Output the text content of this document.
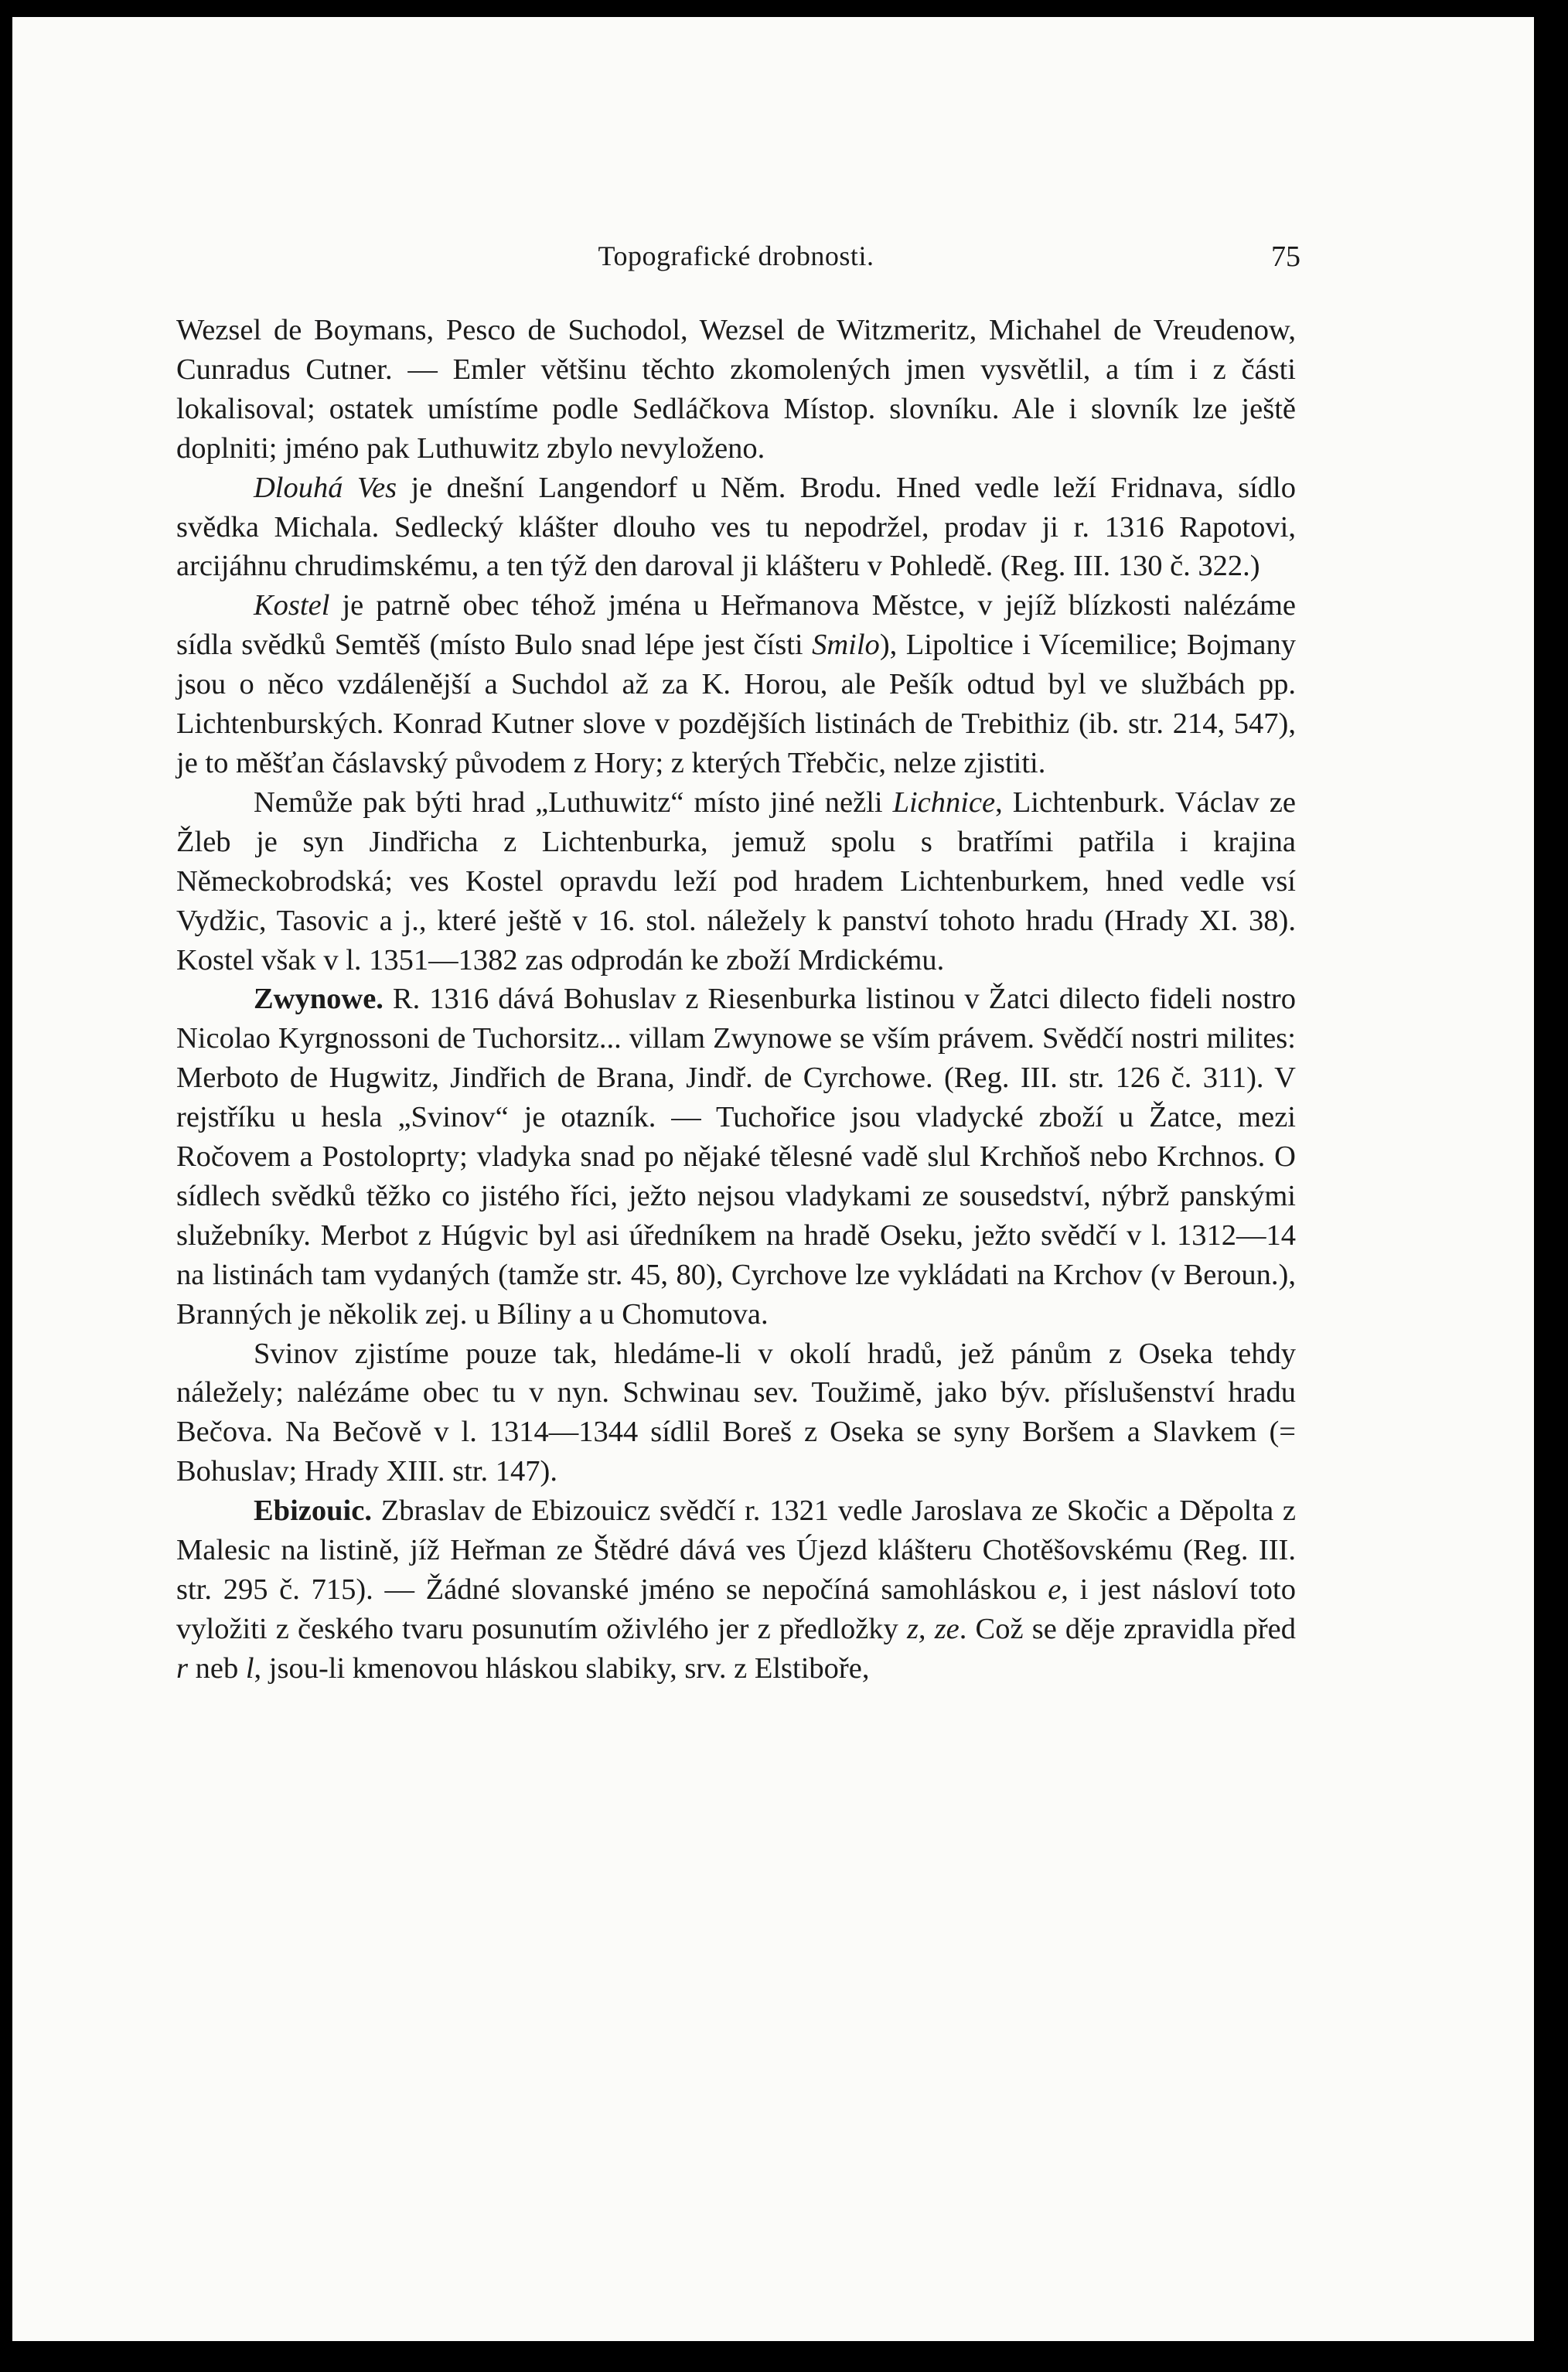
Topografické drobnosti.	75

Wezsel de Boymans, Pesco de Suchodol, Wezsel de Witzmeritz, Michahel de Vreudenow, Cunradus Cutner. — Emler většinu těchto zkomolených jmen vysvětlil, a tím i z části lokalisoval; ostatek umístíme podle Sedláčkova Místop. slovníku. Ale i slovník lze ještě doplniti; jméno pak Luthuwitz zbylo nevyloženo.

Dlouhá Ves je dnešní Langendorf u Něm. Brodu. Hned vedle leží Fridnava, sídlo svědka Michala. Sedlecký klášter dlouho ves tu nepodržel, prodav ji r. 1316 Rapotovi, arcijáhnu chrudimskému, a ten týž den daroval ji klášteru v Pohledě. (Reg. III. 130 č. 322.)

Kostel je patrně obec téhož jména u Heřmanova Městce, v jejíž blízkosti nalézáme sídla svědků Semtěš (místo Bulo snad lépe jest čísti Smilo), Lipoltice i Vícemilice; Bojmany jsou o něco vzdálenější a Suchdol až za K. Horou, ale Pešík odtud byl ve službách pp. Lichtenburských. Konrad Kutner slove v pozdějších listinách de Trebithiz (ib. str. 214, 547), je to měšťan čáslavský původem z Hory; z kterých Třebčic, nelze zjistiti.

Nemůže pak býti hrad „Luthuwitz“ místo jiné nežli Lichnice, Lichtenburk. Václav ze Žleb je syn Jindřicha z Lichtenburka, jemuž spolu s bratřími patřila i krajina Německobrodská; ves Kostel opravdu leží pod hradem Lichtenburkem, hned vedle vsí Vydžic, Tasovic a j., které ještě v 16. stol. náležely k panství tohoto hradu (Hrady XI. 38). Kostel však v l. 1351—1382 zas odprodán ke zboží Mrdickému.

Zwynowe. R. 1316 dává Bohuslav z Riesenburka listinou v Žatci dilecto fideli nostro Nicolao Kyrgnossoni de Tuchorsitz... villam Zwynowe se vším právem. Svědčí nostri milites: Merboto de Hugwitz, Jindřich de Brana, Jindř. de Cyrchowe. (Reg. III. str. 126 č. 311). V rejstříku u hesla „Svinov“ je otazník. — Tuchořice jsou vladycké zboží u Žatce, mezi Ročovem a Postoloprty; vladyka snad po nějaké tělesné vadě slul Krchňoš nebo Krchnos. O sídlech svědků těžko co jistého říci, ježto nejsou vladykami ze sousedství, nýbrž panskými služebníky. Merbot z Húgvic byl asi úředníkem na hradě Oseku, ježto svědčí v l. 1312—14 na listinách tam vydaných (tamže str. 45, 80), Cyrchove lze vykládati na Krchov (v Beroun.), Branných je několik zej. u Bíliny a u Chomutova.

Svinov zjistíme pouze tak, hledáme-li v okolí hradů, jež pánům z Oseka tehdy náležely; nalézáme obec tu v nyn. Schwinau sev. Toužimě, jako býv. příslušenství hradu Bečova. Na Bečově v l. 1314—1344 sídlil Boreš z Oseka se syny Boršem a Slavkem (= Bohuslav; Hrady XIII. str. 147).

Ebizouic. Zbraslav de Ebizouicz svědčí r. 1321 vedle Jaroslava ze Skočic a Děpolta z Malesic na listině, jíž Heřman ze Štědré dává ves Újezd klášteru Chotěšovskému (Reg. III. str. 295 č. 715). — Žádné slovanské jméno se nepočíná samohláskou e, i jest násloví toto vyložiti z českého tvaru posunutím oživlého jer z předložky z, ze. Což se děje zpravidla před r neb l, jsou-li kmenovou hláskou slabiky, srv. z Elstibořе,
